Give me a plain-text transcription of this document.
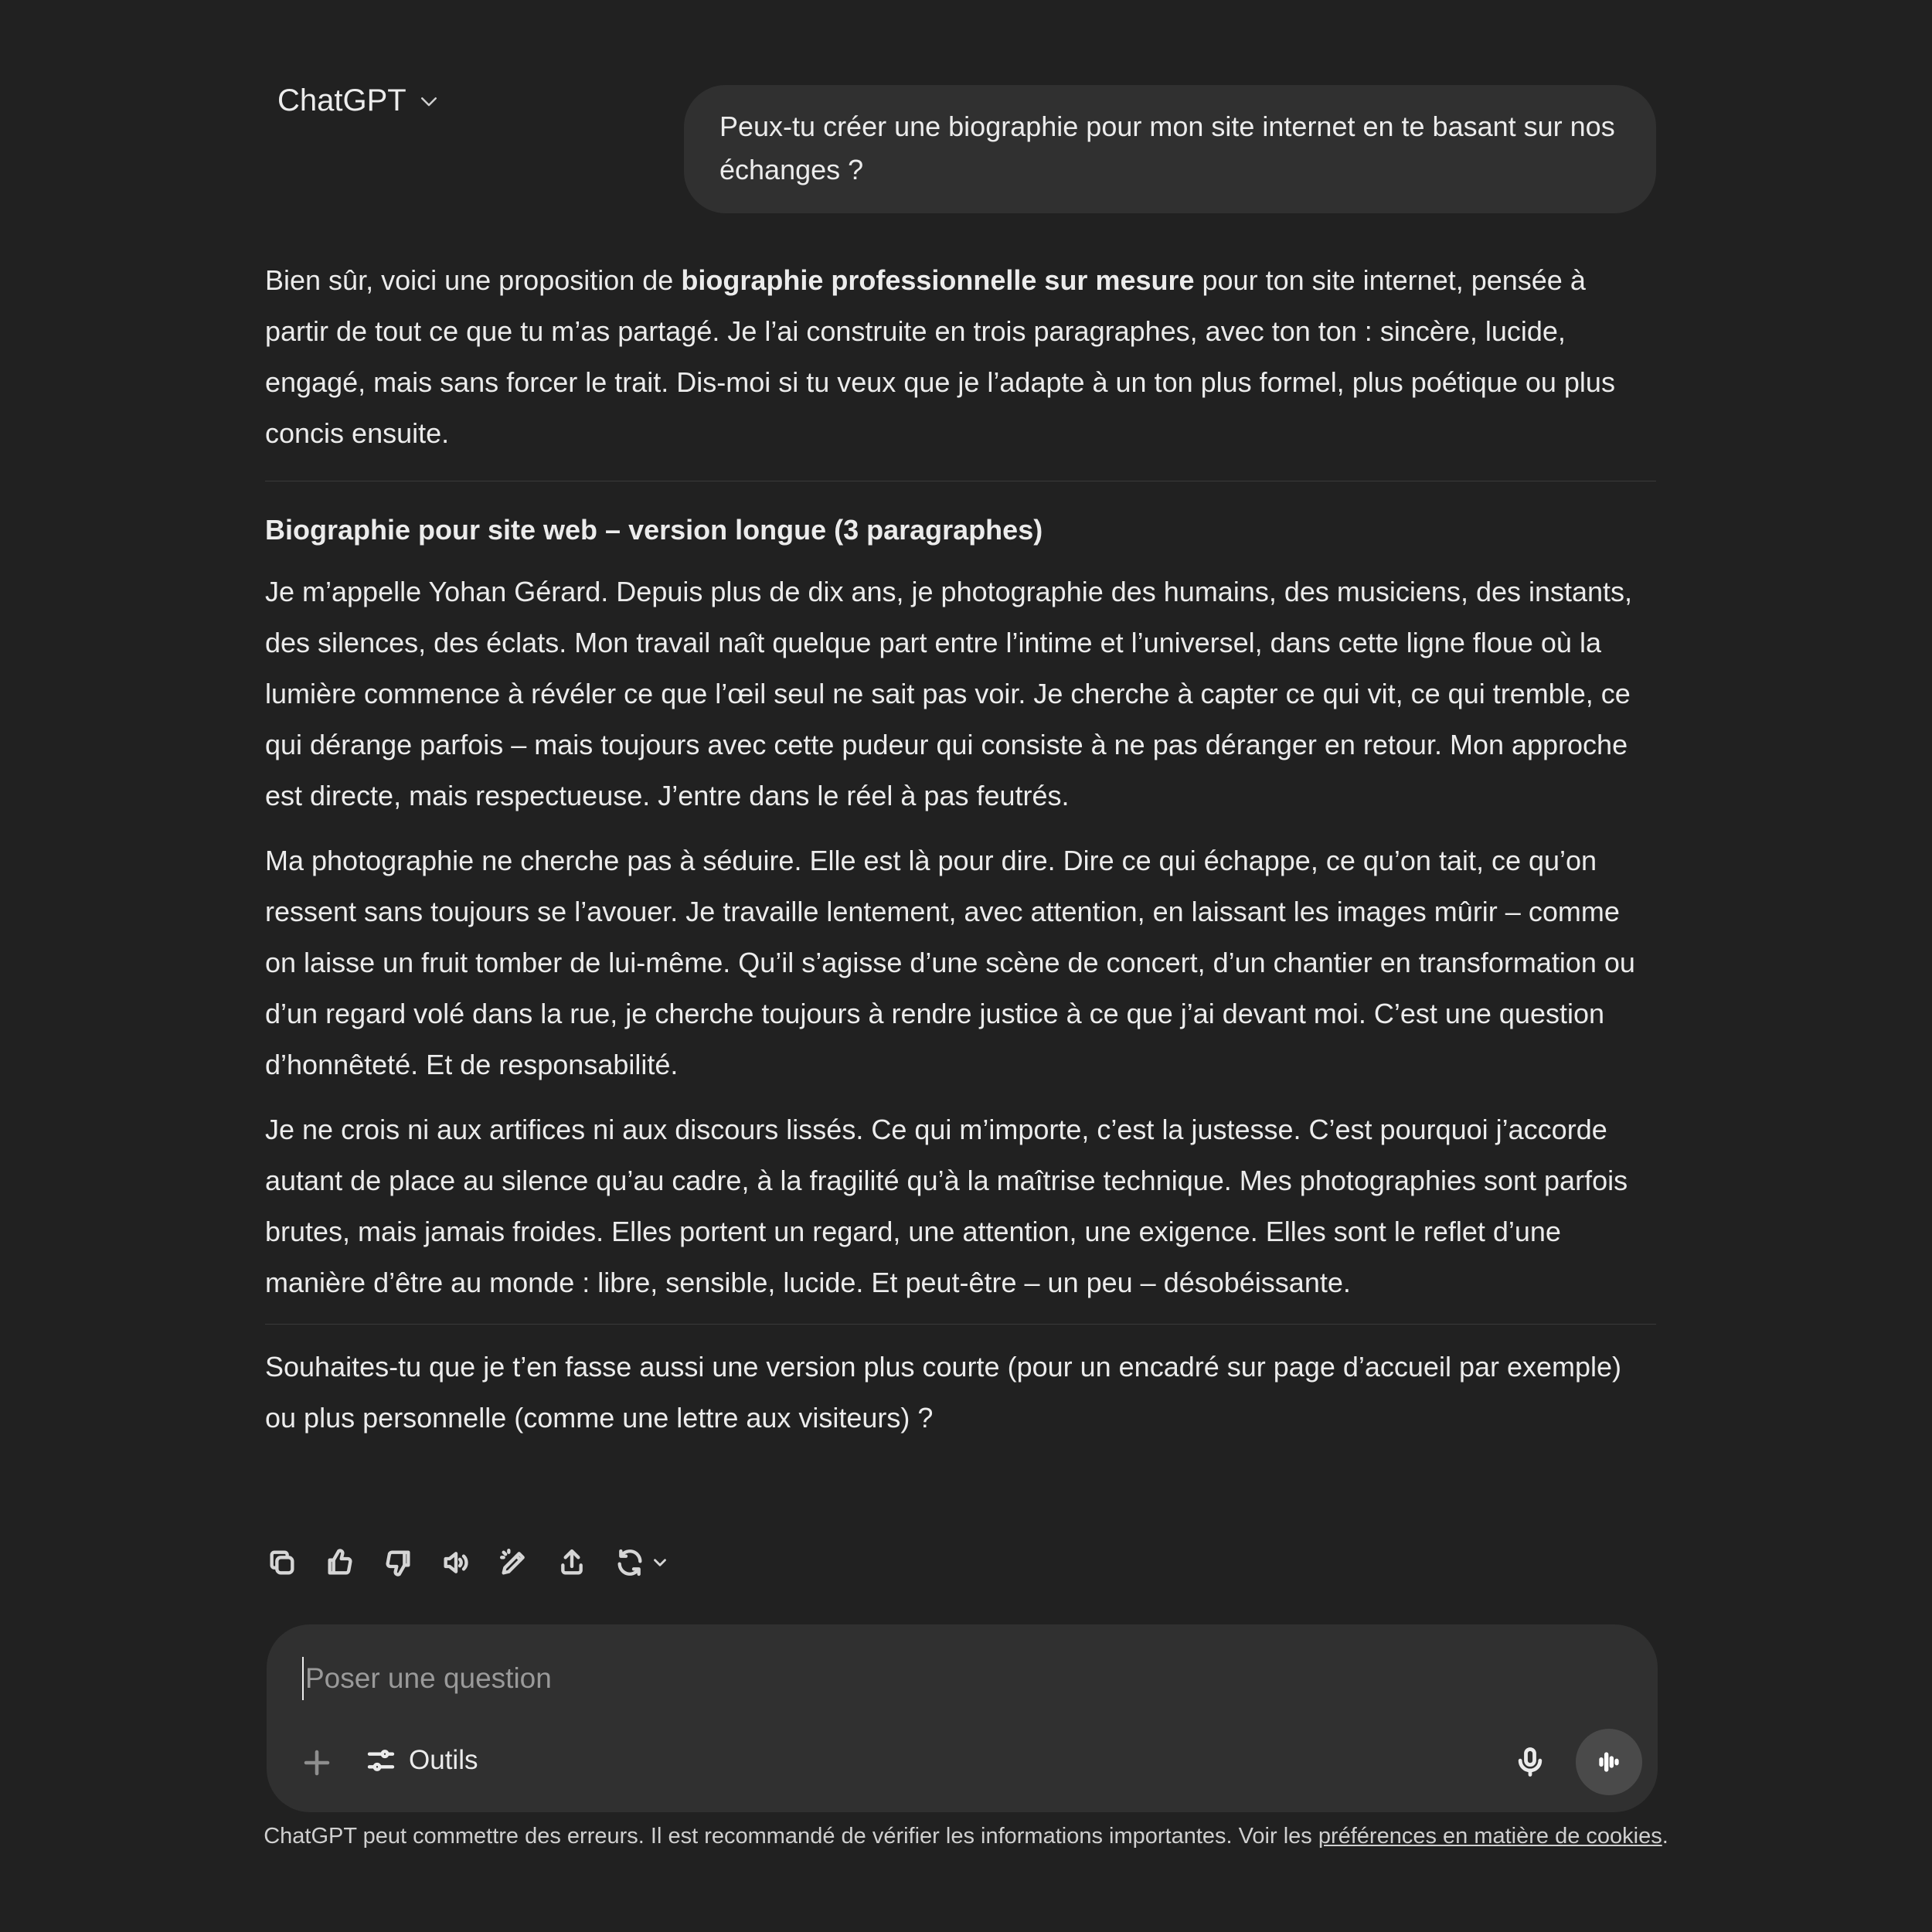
ChatGPT
Peux-tu créer une biographie pour mon site internet en te basant sur nos échanges ?

Bien sûr, voici une proposition de biographie professionnelle sur mesure pour ton site internet, pensée à partir de tout ce que tu m’as partagé. Je l’ai construite en trois paragraphes, avec ton ton : sincère, lucide, engagé, mais sans forcer le trait. Dis-moi si tu veux que je l’adapte à un ton plus formel, plus poétique ou plus concis ensuite.

Biographie pour site web – version longue (3 paragraphes)

Je m’appelle Yohan Gérard. Depuis plus de dix ans, je photographie des humains, des musiciens, des instants, des silences, des éclats. Mon travail naît quelque part entre l’intime et l’universel, dans cette ligne floue où la lumière commence à révéler ce que l’œil seul ne sait pas voir. Je cherche à capter ce qui vit, ce qui tremble, ce qui dérange parfois – mais toujours avec cette pudeur qui consiste à ne pas déranger en retour. Mon approche est directe, mais respectueuse. J’entre dans le réel à pas feutrés.

Ma photographie ne cherche pas à séduire. Elle est là pour dire. Dire ce qui échappe, ce qu’on tait, ce qu’on ressent sans toujours se l’avouer. Je travaille lentement, avec attention, en laissant les images mûrir – comme on laisse un fruit tomber de lui-même. Qu’il s’agisse d’une scène de concert, d’un chantier en transformation ou d’un regard volé dans la rue, je cherche toujours à rendre justice à ce que j’ai devant moi. C’est une question d’honnêteté. Et de responsabilité.

Je ne crois ni aux artifices ni aux discours lissés. Ce qui m’importe, c’est la justesse. C’est pourquoi j’accorde autant de place au silence qu’au cadre, à la fragilité qu’à la maîtrise technique. Mes photographies sont parfois brutes, mais jamais froides. Elles portent un regard, une attention, une exigence. Elles sont le reflet d’une manière d’être au monde : libre, sensible, lucide. Et peut-être – un peu – désobéissante.

Souhaites-tu que je t’en fasse aussi une version plus courte (pour un encadré sur page d’accueil par exemple) ou plus personnelle (comme une lettre aux visiteurs) ?

Poser une question
Outils
ChatGPT peut commettre des erreurs. Il est recommandé de vérifier les informations importantes. Voir les préférences en matière de cookies.
